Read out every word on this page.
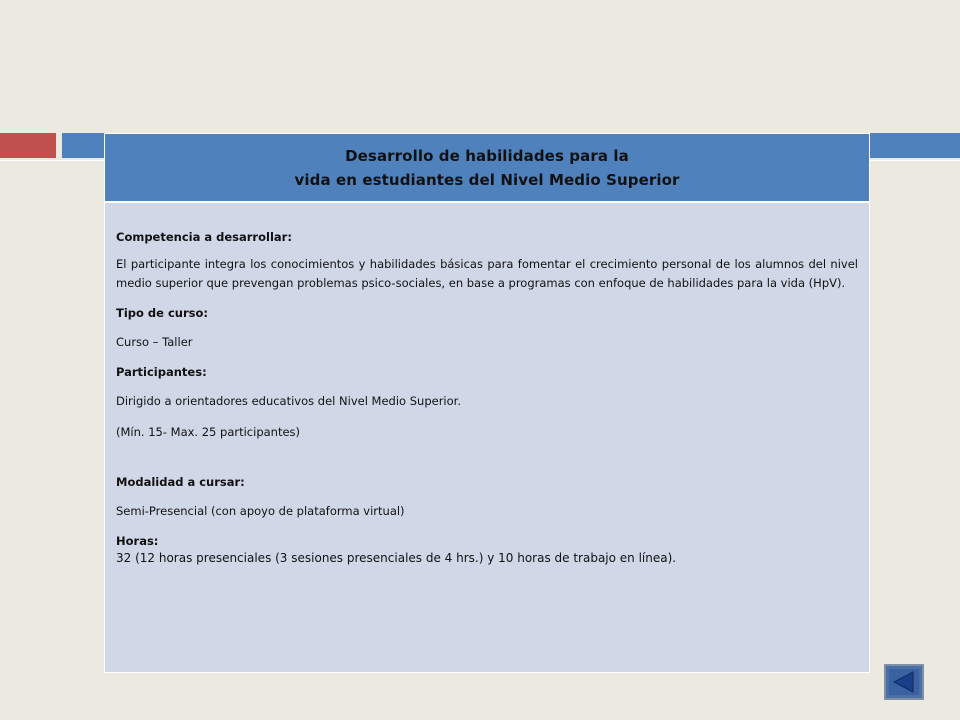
Desarrollo de habilidades para la
vida en estudiantes del Nivel Medio Superior

Competencia a desarrollar:

El participante integra los conocimientos y habilidades básicas para fomentar el crecimiento personal de los alumnos del nivel medio superior que prevengan problemas psico-sociales, en base a programas con enfoque de habilidades para la vida (HpV).

Tipo de curso:

Curso – Taller

Participantes:

Dirigido a orientadores educativos del Nivel Medio Superior.

(Mín. 15- Max. 25 participantes)

Modalidad a cursar:

Semi-Presencial (con apoyo de plataforma virtual)

Horas:

32 (12 horas presenciales (3 sesiones presenciales de 4 hrs.) y 10 horas de trabajo en línea).
